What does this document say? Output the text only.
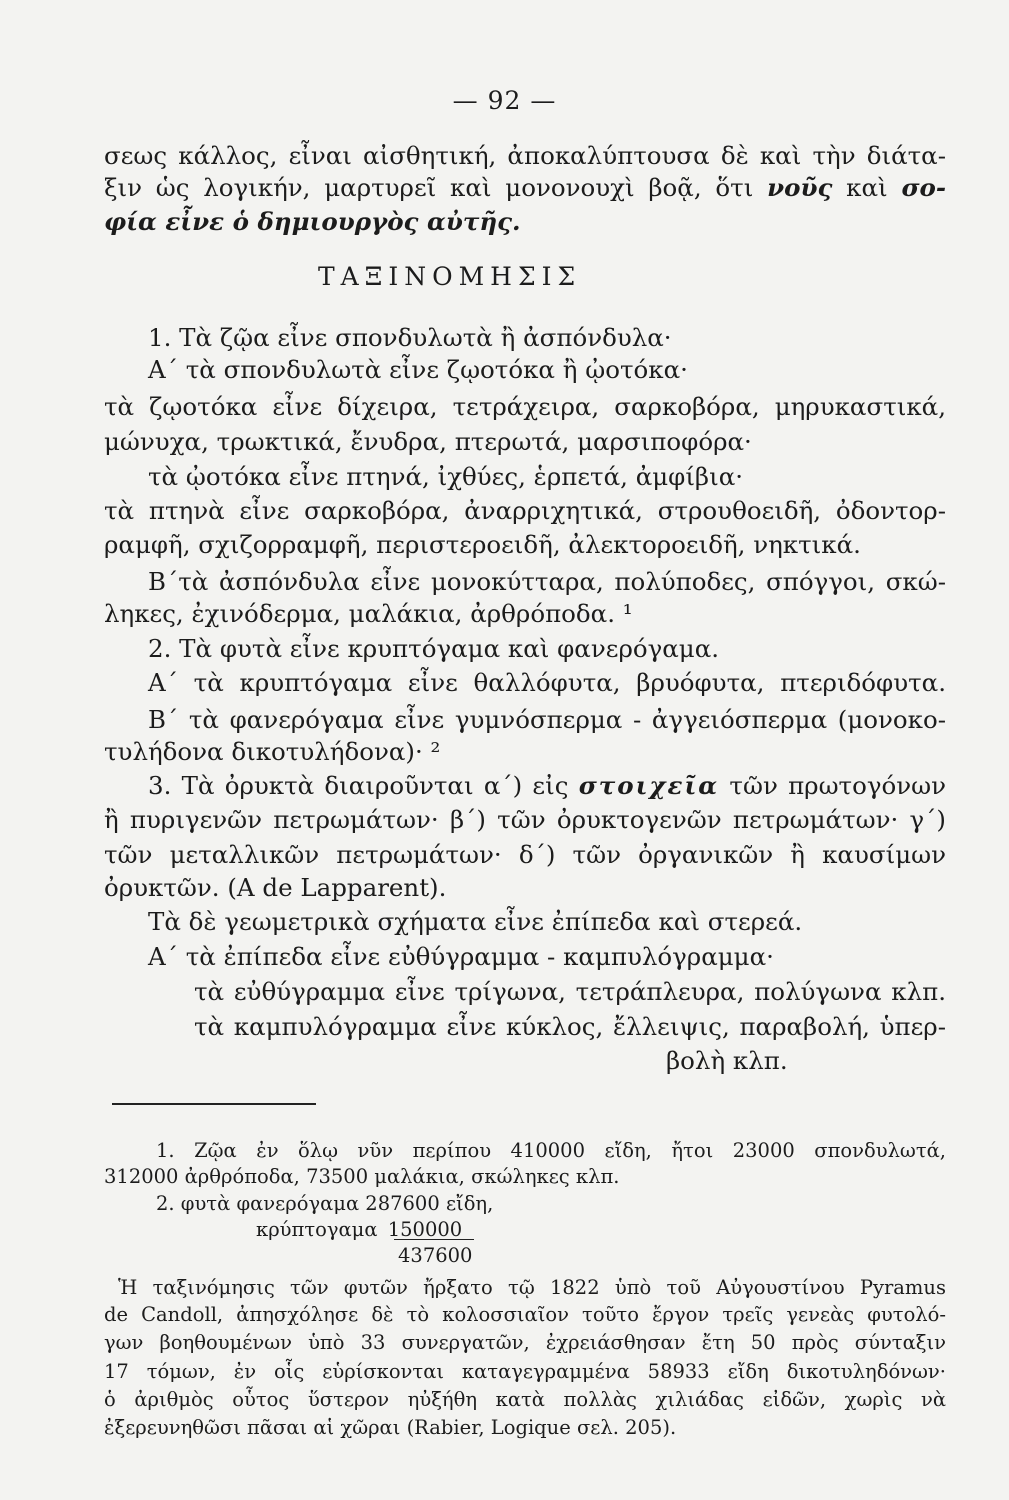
— 92 —
σεως κάλλος, εἶναι αἰσθητική, ἀποκαλύπτουσα δὲ καὶ τὴν διάτα-
ξιν ὡς λογικήν, μαρτυρεῖ καὶ μονονουχὶ βοᾷ, ὅτι νοῦς καὶ σο-
φία εἶνε ὁ δημιουργὸς αὐτῆς.
ΤΑΞΙΝΟΜΗΣΙΣ
1. Τὰ ζῷα εἶνε σπονδυλωτὰ ἢ ἀσπόνδυλα·
Α΄ τὰ σπονδυλωτὰ εἶνε ζῳοτόκα ἢ ᾠοτόκα·
τὰ ζῳοτόκα εἶνε δίχειρα, τετράχειρα, σαρκοβόρα, μηρυκαστικά,
μώνυχα, τρωκτικά, ἔνυδρα, πτερωτά, μαρσιποφόρα·
τὰ ᾠοτόκα εἶνε πτηνά, ἰχθύες, ἑρπετά, ἀμφίβια·
τὰ πτηνὰ εἶνε σαρκοβόρα, ἀναρριχητικά, στρουθοειδῆ, ὀδοντορ-
ραμφῆ, σχιζορραμφῆ, περιστεροειδῆ, ἀλεκτοροειδῆ, νηκτικά.
Β΄τὰ ἀσπόνδυλα εἶνε μονοκύτταρα, πολύποδες, σπόγγοι, σκώ-
ληκες, ἐχινόδερμα, μαλάκια, ἀρθρόποδα. ¹
2. Τὰ φυτὰ εἶνε κρυπτόγαμα καὶ φανερόγαμα.
Α΄ τὰ κρυπτόγαμα εἶνε θαλλόφυτα, βρυόφυτα, πτεριδόφυτα.
Β΄ τὰ φανερόγαμα εἶνε γυμνόσπερμα - ἀγγειόσπερμα (μονοκο-
τυλήδονα δικοτυλήδονα)· ²
3. Τὰ ὀρυκτὰ διαιροῦνται α΄) εἰς στοιχεῖα τῶν πρωτογόνων
ἢ πυριγενῶν πετρωμάτων· β΄) τῶν ὀρυκτογενῶν πετρωμάτων· γ΄)
τῶν μεταλλικῶν πετρωμάτων· δ΄) τῶν ὀργανικῶν ἢ καυσίμων
ὀρυκτῶν. (A de Lapparent).
Τὰ δὲ γεωμετρικὰ σχήματα εἶνε ἐπίπεδα καὶ στερεά.
Α΄ τὰ ἐπίπεδα εἶνε εὐθύγραμμα - καμπυλόγραμμα·
τὰ εὐθύγραμμα εἶνε τρίγωνα, τετράπλευρα, πολύγωνα κλπ.
τὰ καμπυλόγραμμα εἶνε κύκλος, ἔλλειψις, παραβολή, ὑπερ-
βολὴ κλπ.
1. Ζῷα ἐν ὅλῳ νῦν περίπου 410000 εἴδη, ἤτοι 23000 σπονδυλωτά,
312000 ἀρθρόποδα, 73500 μαλάκια, σκώληκες κλπ.
2. φυτὰ φανερόγαμα 287600 εἴδη,
κρύπτογαμα 150000
437600
Ἡ ταξινόμησις τῶν φυτῶν ἤρξατο τῷ 1822 ὑπὸ τοῦ Αὐγουστίνου Pyramus
de Candoll, ἀπησχόλησε δὲ τὸ κολοσσιαῖον τοῦτο ἔργον τρεῖς γενεὰς φυτολό-
γων βοηθουμένων ὑπὸ 33 συνεργατῶν, ἐχρειάσθησαν ἔτη 50 πρὸς σύνταξιν
17 τόμων, ἐν οἷς εὑρίσκονται καταγεγραμμένα 58933 εἴδη δικοτυληδόνων·
ὁ ἀριθμὸς οὗτος ὕστερον ηὐξήθη κατὰ πολλὰς χιλιάδας εἰδῶν, χωρὶς νὰ
ἐξερευνηθῶσι πᾶσαι αἱ χῶραι (Rabier, Logique σελ. 205).
